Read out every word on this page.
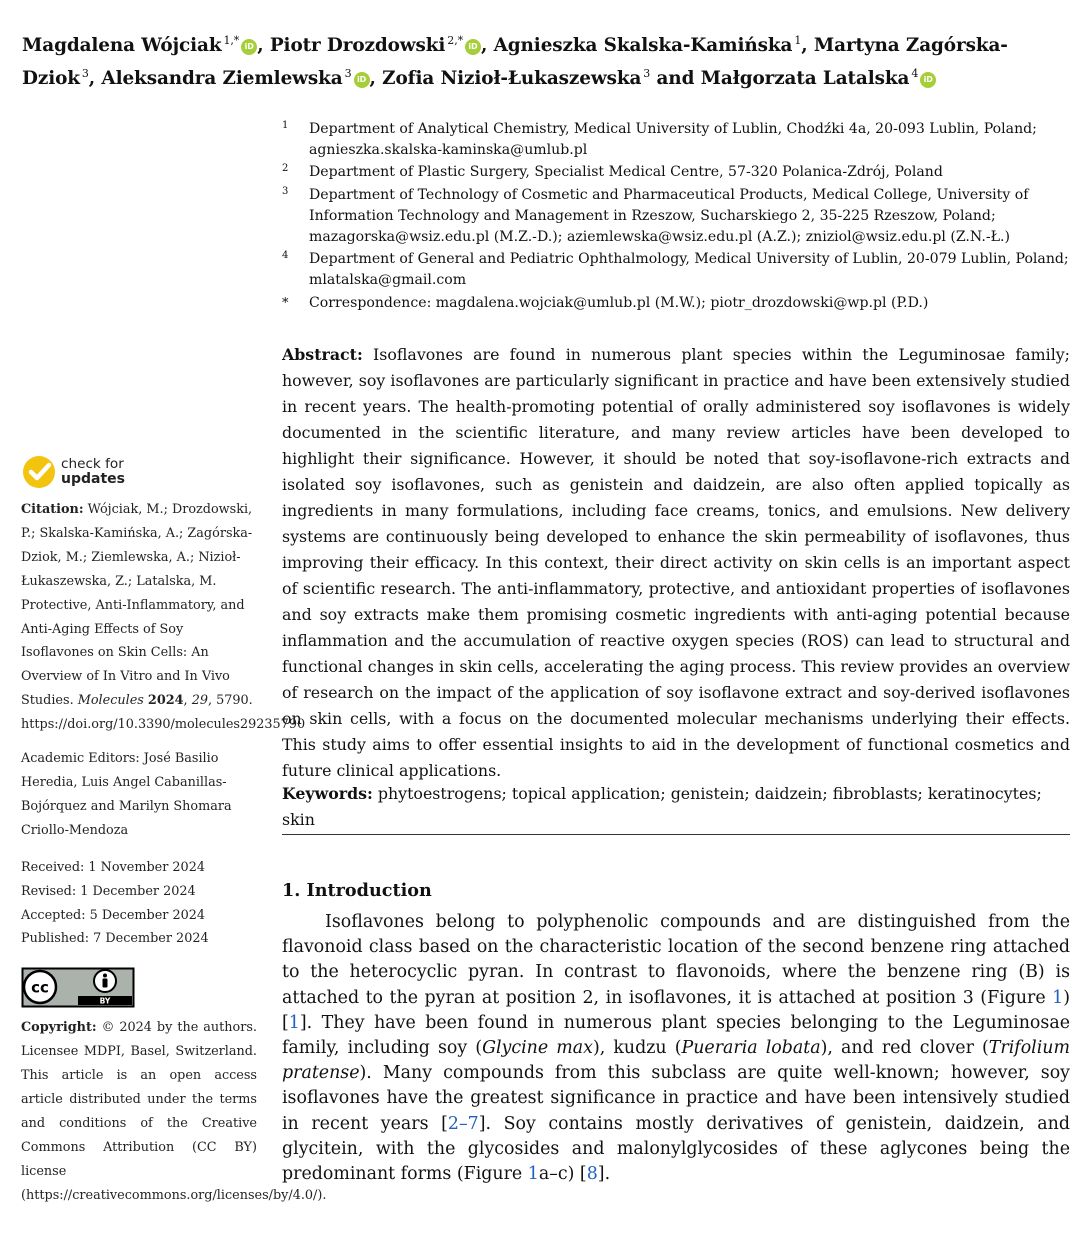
Magdalena Wójciak $^{1,*}$ iD , Piotr Drozdowski $^{2,*}$ iD , Agnieszka Skalska-Kamińska $^1$, Martyna Zagórska-Dziok $^3$, Aleksandra Ziemlewska $^3$ iD , Zofia Nizioł-Łukaszewska $^3$ and Małgorzata Latalska $^4$ iD
1 Department of Analytical Chemistry, Medical University of Lublin, Chodźki 4a, 20-093 Lublin, Poland; agnieszka.skalska-kaminska@umlub.pl
2 Department of Plastic Surgery, Specialist Medical Centre, 57-320 Polanica-Zdrój, Poland
3 Department of Technology of Cosmetic and Pharmaceutical Products, Medical College, University of Information Technology and Management in Rzeszow, Sucharskiego 2, 35-225 Rzeszow, Poland; mazagorska@wsiz.edu.pl (M.Z.-D.); aziemlewska@wsiz.edu.pl (A.Z.); zniziol@wsiz.edu.pl (Z.N.-Ł.)
4 Department of General and Pediatric Ophthalmology, Medical University of Lublin, 20-079 Lublin, Poland; mlatalska@gmail.com
* Correspondence: magdalena.wojciak@umlub.pl (M.W.); piotr_drozdowski@wp.pl (P.D.)
Abstract: Isoflavones are found in numerous plant species within the Leguminosae family; however, soy isoflavones are particularly significant in practice and have been extensively studied in recent years. The health-promoting potential of orally administered soy isoflavones is widely documented in the scientific literature, and many review articles have been developed to highlight their significance. However, it should be noted that soy-isoflavone-rich extracts and isolated soy isoflavones, such as genistein and daidzein, are also often applied topically as ingredients in many formulations, including face creams, tonics, and emulsions. New delivery systems are continuously being developed to enhance the skin permeability of isoflavones, thus improving their efficacy. In this context, their direct activity on skin cells is an important aspect of scientific research. The anti-inflammatory, protective, and antioxidant properties of isoflavones and soy extracts make them promising cosmetic ingredients with anti-aging potential because inflammation and the accumulation of reactive oxygen species (ROS) can lead to structural and functional changes in skin cells, accelerating the aging process. This review provides an overview of research on the impact of the application of soy isoflavone extract and soy-derived isoflavones on skin cells, with a focus on the documented molecular mechanisms underlying their effects. This study aims to offer essential insights to aid in the development of functional cosmetics and future clinical applications.
Keywords: phytoestrogens; topical application; genistein; daidzein; fibroblasts; keratinocytes; skin
1. Introduction

Isoflavones belong to polyphenolic compounds and are distinguished from the flavonoid class based on the characteristic location of the second benzene ring attached to the heterocyclic pyran. In contrast to flavonoids, where the benzene ring (B) is attached to the pyran at position 2, in isoflavones, it is attached at position 3 (Figure 1) [1]. They have been found in numerous plant species belonging to the Leguminosae family, including soy (Glycine max), kudzu (Pueraria lobata), and red clover (Trifolium pratense). Many compounds from this subclass are quite well-known; however, soy isoflavones have the greatest significance in practice and have been intensively studied in recent years [2–7]. Soy contains mostly derivatives of genistein, daidzein, and glycitein, with the glycosides and malonylglycosides of these aglycones being the predominant forms (Figure 1a–c) [8].

check for
updates
Citation: Wójciak, M.; Drozdowski, P.; Skalska-Kamińska, A.; Zagórska-Dziok, M.; Ziemlewska, A.; Nizioł-Łukaszewska, Z.; Latalska, M. Protective, Anti-Inflammatory, and Anti-Aging Effects of Soy Isoflavones on Skin Cells: An Overview of In Vitro and In Vivo Studies. Molecules 2024, 29, 5790. https://doi.org/10.3390/molecules29235790
Academic Editors: José Basilio Heredia, Luis Angel Cabanillas-Bojórquez and Marilyn Shomara Criollo-Mendoza
Received: 1 November 2024
Revised: 1 December 2024
Accepted: 5 December 2024
Published: 7 December 2024
cc
BY
Copyright: © 2024 by the authors. Licensee MDPI, Basel, Switzerland. This article is an open access article distributed under the terms and conditions of the Creative Commons Attribution (CC BY) license (https://creativecommons.org/licenses/by/4.0/).
